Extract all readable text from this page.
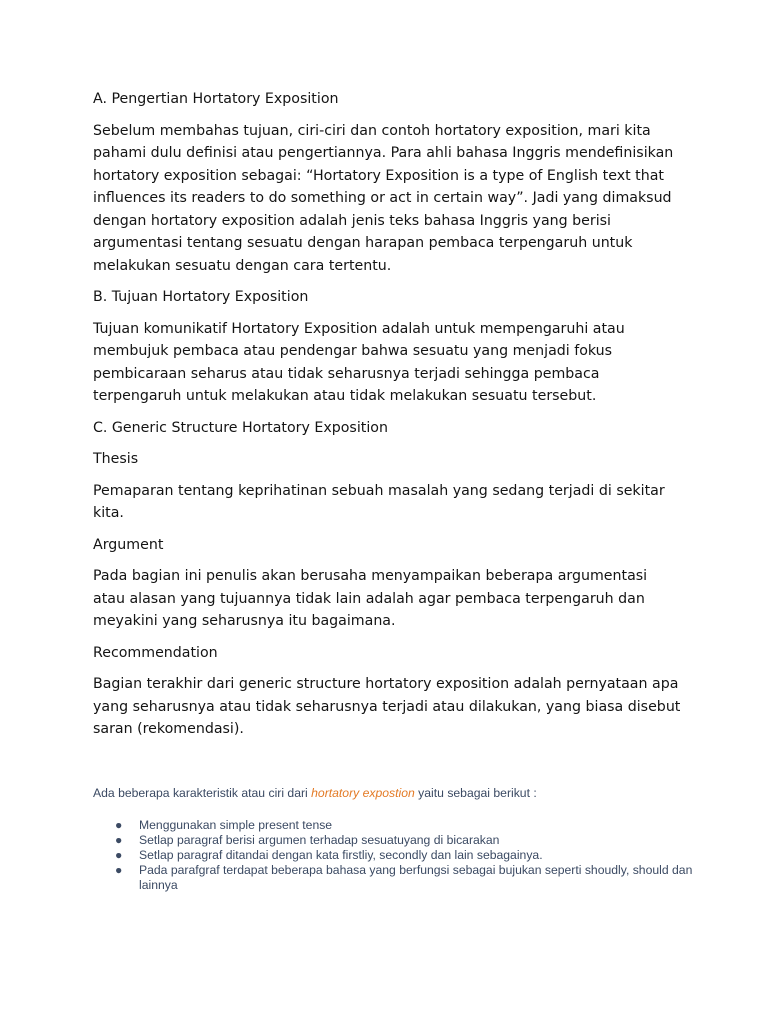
A. Pengertian Hortatory Exposition

Sebelum membahas tujuan, ciri-ciri dan contoh hortatory exposition, mari kita pahami dulu definisi atau pengertiannya. Para ahli bahasa Inggris mendefinisikan hortatory exposition sebagai: “Hortatory Exposition is a type of English text that influences its readers to do something or act in certain way”. Jadi yang dimaksud dengan hortatory exposition adalah jenis teks bahasa Inggris yang berisi argumentasi tentang sesuatu dengan harapan pembaca terpengaruh untuk melakukan sesuatu dengan cara tertentu.

B. Tujuan Hortatory Exposition

Tujuan komunikatif Hortatory Exposition adalah untuk mempengaruhi atau membujuk pembaca atau pendengar bahwa sesuatu yang menjadi fokus pembicaraan seharus atau tidak seharusnya terjadi sehingga pembaca terpengaruh untuk melakukan atau tidak melakukan sesuatu tersebut.

C. Generic Structure Hortatory Exposition

Thesis

Pemaparan tentang keprihatinan sebuah masalah yang sedang terjadi di sekitar kita.

Argument

Pada bagian ini penulis akan berusaha menyampaikan beberapa argumentasi atau alasan yang tujuannya tidak lain adalah agar pembaca terpengaruh dan meyakini yang seharusnya itu bagaimana.

Recommendation

Bagian terakhir dari generic structure hortatory exposition adalah pernyataan apa yang seharusnya atau tidak seharusnya terjadi atau dilakukan, yang biasa disebut saran (rekomendasi).

Ada beberapa karakteristik atau ciri dari hortatory expostion yaitu sebagai berikut :

● Menggunakan simple present tense
● Setlap paragraf berisi argumen terhadap sesuatuyang di bicarakan
● Setlap paragraf ditandai dengan kata firstliy, secondly dan lain sebagainya.
● Pada parafgraf terdapat beberapa bahasa yang berfungsi sebagai bujukan seperti shoudly, should dan lainnya
